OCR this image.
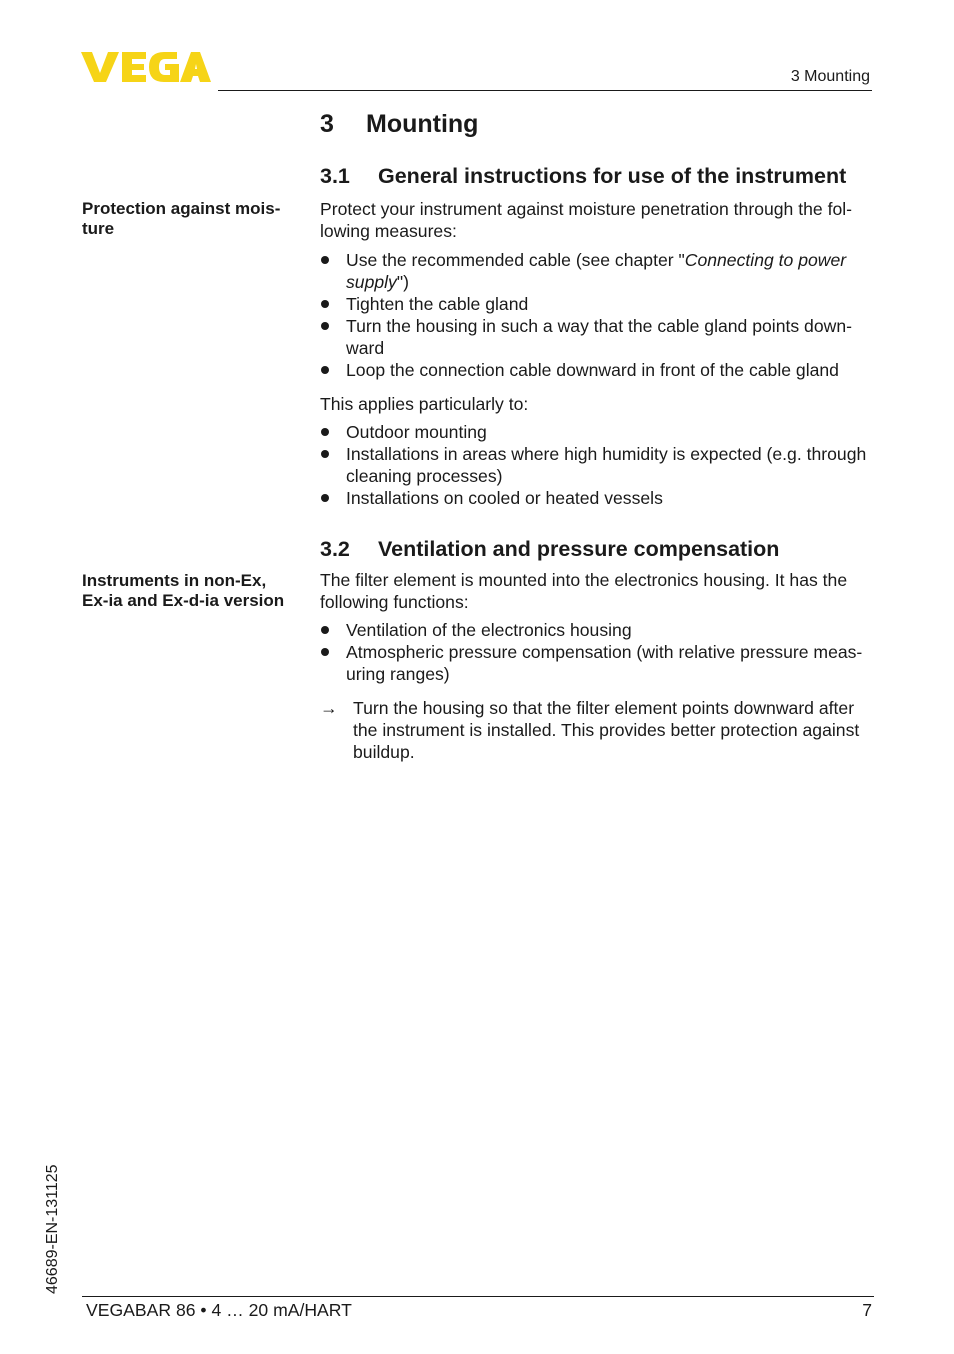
3 Mounting
3 Mounting
3.1 General instructions for use of the instrument
Protection against mois- ture

Protect your instrument against moisture penetration through the fol- lowing measures:

Use the recommended cable (see chapter "Connecting to power supply")
Tighten the cable gland
Turn the housing in such a way that the cable gland points down- ward
Loop the connection cable downward in front of the cable gland

This applies particularly to:

Outdoor mounting
Installations in areas where high humidity is expected (e.g. through cleaning processes)
Installations on cooled or heated vessels
3.2 Ventilation and pressure compensation
Instruments in non-Ex,
Ex-ia and Ex-d-ia version

The filter element is mounted into the electronics housing. It has the following functions:

Ventilation of the electronics housing
Atmospheric pressure compensation (with relative pressure meas- uring ranges)
→ Turn the housing so that the filter element points downward after the instrument is installed. This provides better protection against buildup.
46689-EN-131125
VEGABAR 86 • 4 … 20 mA/HART	7
